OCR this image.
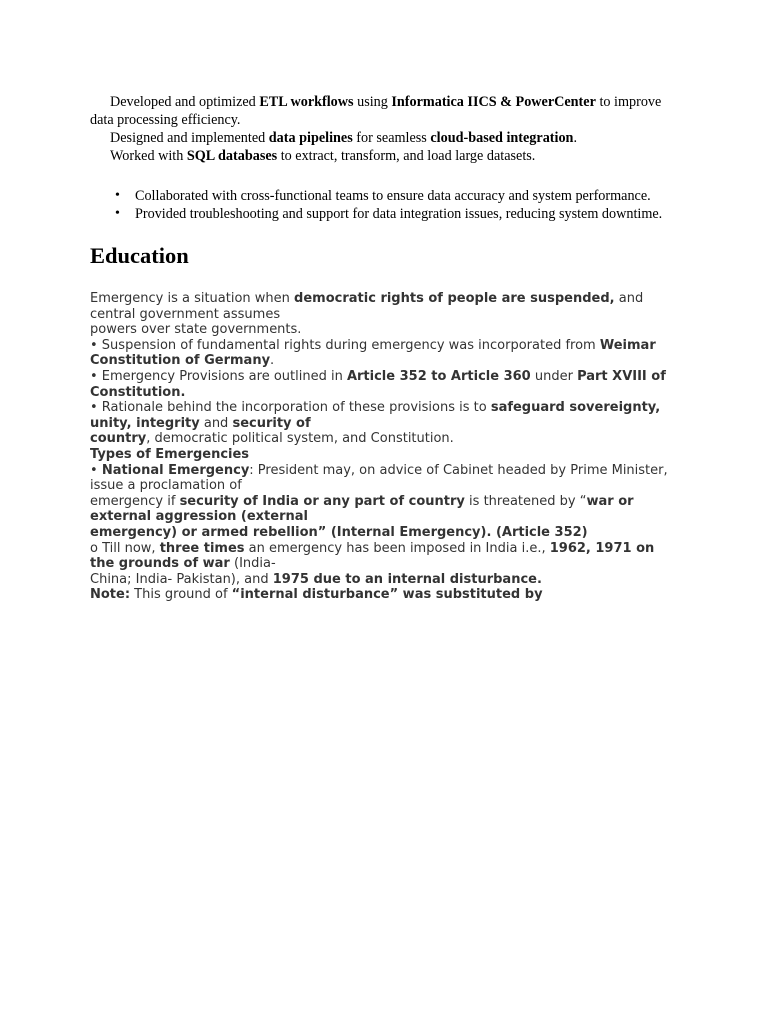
Developed and optimized ETL workflows using Informatica IICS & PowerCenter to improve data processing efficiency.

Designed and implemented data pipelines for seamless cloud-based integration.

Worked with SQL databases to extract, transform, and load large datasets.

• Collaborated with cross-functional teams to ensure data accuracy and system performance.
• Provided troubleshooting and support for data integration issues, reducing system downtime.
Education

Emergency is a situation when democratic rights of people are suspended, and central government assumes

powers over state governments.

• Suspension of fundamental rights during emergency was incorporated from Weimar Constitution of Germany.

• Emergency Provisions are outlined in Article 352 to Article 360 under Part XVIII of Constitution.

• Rationale behind the incorporation of these provisions is to safeguard sovereignty, unity, integrity and security of

country, democratic political system, and Constitution.

Types of Emergencies

• National Emergency: President may, on advice of Cabinet headed by Prime Minister, issue a proclamation of

emergency if security of India or any part of country is threatened by “war or external aggression (external

emergency) or armed rebellion” (Internal Emergency). (Article 352)

o Till now, three times an emergency has been imposed in India i.e., 1962, 1971 on the grounds of war (India-

China; India- Pakistan), and 1975 due to an internal disturbance.

Note: This ground of “internal disturbance” was substituted by
